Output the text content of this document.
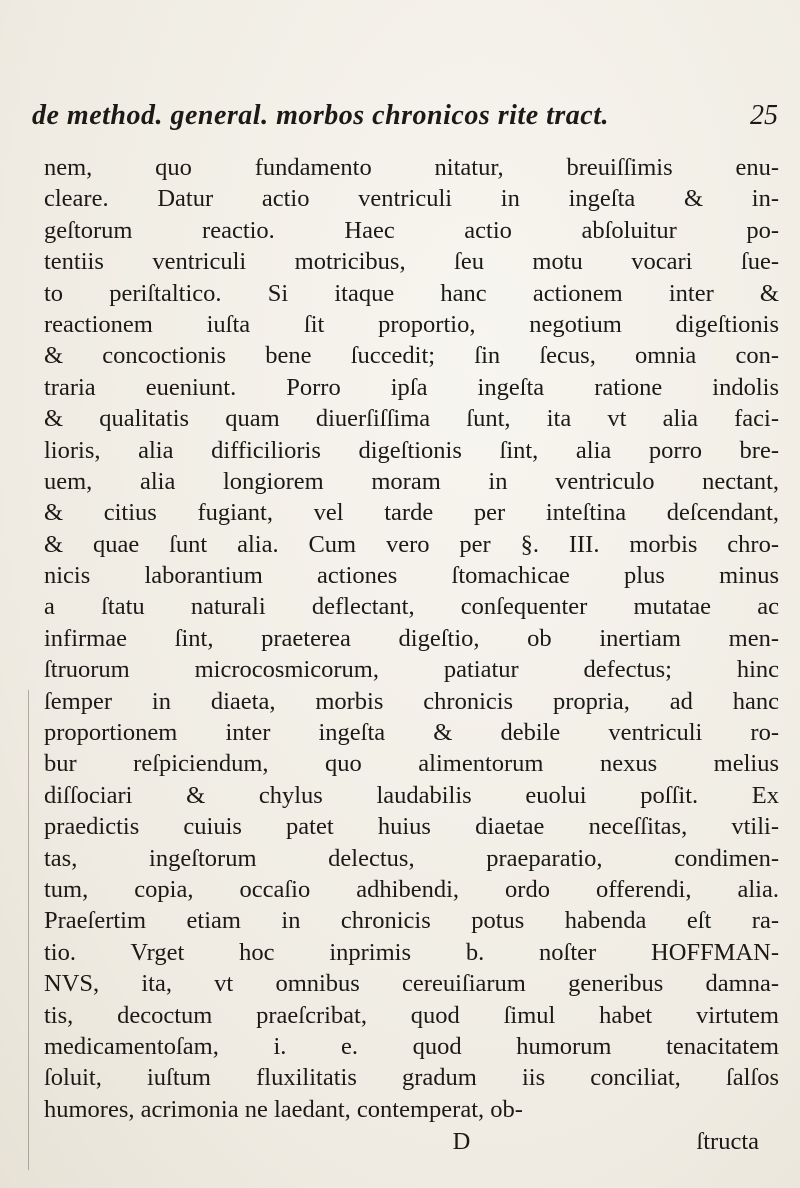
de method. general. morbos chronicos rite tract.	25
nem, quo fundamento nitatur, breuiſſimis enu-
cleare. Datur actio ventriculi in ingeſta & in-
geſtorum reactio. Haec actio abſoluitur po-
tentiis ventriculi motricibus, ſeu motu vocari ſue-
to periſtaltico. Si itaque hanc actionem inter &
reactionem iuſta ſit proportio, negotium digeſtionis
& concoctionis bene ſuccedit; ſin ſecus, omnia con-
traria eueniunt. Porro ipſa ingeſta ratione indolis
& qualitatis quam diuerſiſſima ſunt, ita vt alia faci-
lioris, alia difficilioris digeſtionis ſint, alia porro bre-
uem, alia longiorem moram in ventriculo nectant,
& citius fugiant, vel tarde per inteſtina deſcendant,
& quae ſunt alia. Cum vero per §. III. morbis chro-
nicis laborantium actiones ſtomachicae plus minus
a ſtatu naturali deflectant, conſequenter mutatae ac
infirmae ſint, praeterea digeſtio, ob inertiam men-
ſtruorum microcosmicorum, patiatur defectus; hinc
ſemper in diaeta, morbis chronicis propria, ad hanc
proportionem inter ingeſta & debile ventriculi ro-
bur reſpiciendum, quo alimentorum nexus melius
diſſociari & chylus laudabilis euolui poſſit. Ex
praedictis cuiuis patet huius diaetae neceſſitas, vtili-
tas, ingeſtorum delectus, praeparatio, condimen-
tum, copia, occaſio adhibendi, ordo offerendi, alia.
Praeſertim etiam in chronicis potus habenda eſt ra-
tio. Vrget hoc inprimis b. noſter HOFFMAN-
NVS, ita, vt omnibus cereuiſiarum generibus damna-
tis, decoctum praeſcribat, quod ſimul habet virtutem
medicamentoſam, i. e. quod humorum tenacitatem
ſoluit, iuſtum fluxilitatis gradum iis conciliat, ſalſos
humores, acrimonia ne laedant, contemperat, ob-
D	ſtructa
